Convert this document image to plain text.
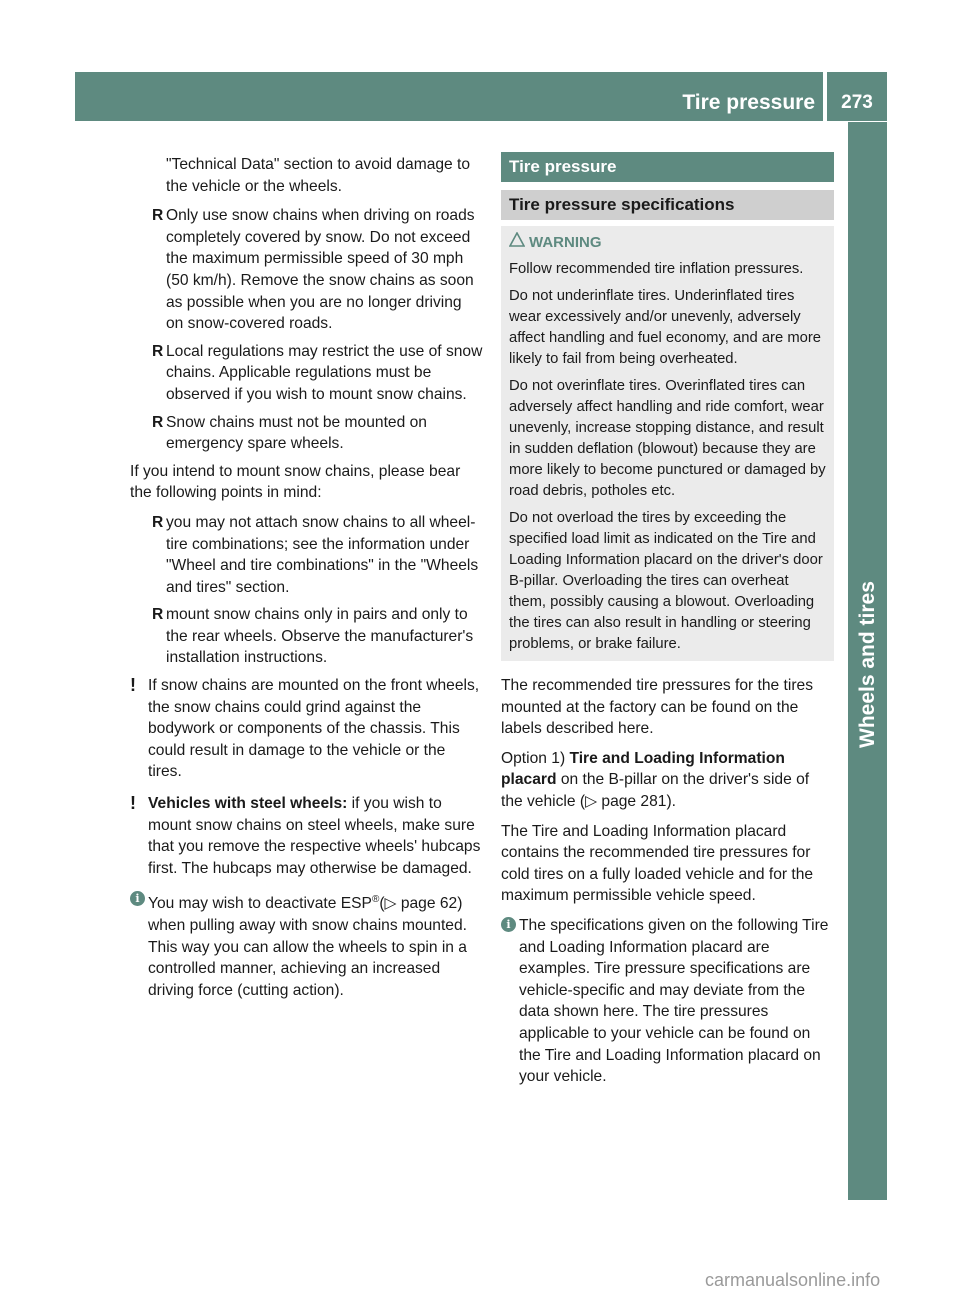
Tire pressure	273
Wheels and tires

"Technical Data" section to avoid damage to the vehicle or the wheels.

R Only use snow chains when driving on roads completely covered by snow. Do not exceed the maximum permissible speed of 30 mph (50 km/h). Remove the snow chains as soon as possible when you are no longer driving on snow-covered roads.
R Local regulations may restrict the use of snow chains. Applicable regulations must be observed if you wish to mount snow chains.
R Snow chains must not be mounted on emergency spare wheels.

If you intend to mount snow chains, please bear the following points in mind:

R you may not attach snow chains to all wheel-tire combinations; see the information under "Wheel and tire combinations" in the "Wheels and tires" section.
R mount snow chains only in pairs and only to the rear wheels. Observe the manufacturer's installation instructions.
! If snow chains are mounted on the front wheels, the snow chains could grind against the bodywork or components of the chassis. This could result in damage to the vehicle or the tires.
! Vehicles with steel wheels: if you wish to mount snow chains on steel wheels, make sure that you remove the respective wheels' hubcaps first. The hubcaps may otherwise be damaged.
i You may wish to deactivate ESP®(▷ page 62) when pulling away with snow chains mounted. This way you can allow the wheels to spin in a controlled manner, achieving an increased driving force (cutting action).
Tire pressure
Tire pressure specifications
WARNING

Follow recommended tire inflation pressures.

Do not underinflate tires. Underinflated tires wear excessively and/or unevenly, adversely affect handling and fuel economy, and are more likely to fail from being overheated.

Do not overinflate tires. Overinflated tires can adversely affect handling and ride comfort, wear unevenly, increase stopping distance, and result in sudden deflation (blowout) because they are more likely to become punctured or damaged by road debris, potholes etc.

Do not overload the tires by exceeding the specified load limit as indicated on the Tire and Loading Information placard on the driver's door B-pillar. Overloading the tires can overheat them, possibly causing a blowout. Overloading the tires can also result in handling or steering problems, or brake failure.

The recommended tire pressures for the tires mounted at the factory can be found on the labels described here.

Option 1) Tire and Loading Information placard on the B-pillar on the driver's side of the vehicle (▷ page 281).

The Tire and Loading Information placard contains the recommended tire pressures for cold tires on a fully loaded vehicle and for the maximum permissible vehicle speed.

i The specifications given on the following Tire and Loading Information placard are examples. Tire pressure specifications are vehicle-specific and may deviate from the data shown here. The tire pressures applicable to your vehicle can be found on the Tire and Loading Information placard on your vehicle.
carmanualsonline.info
